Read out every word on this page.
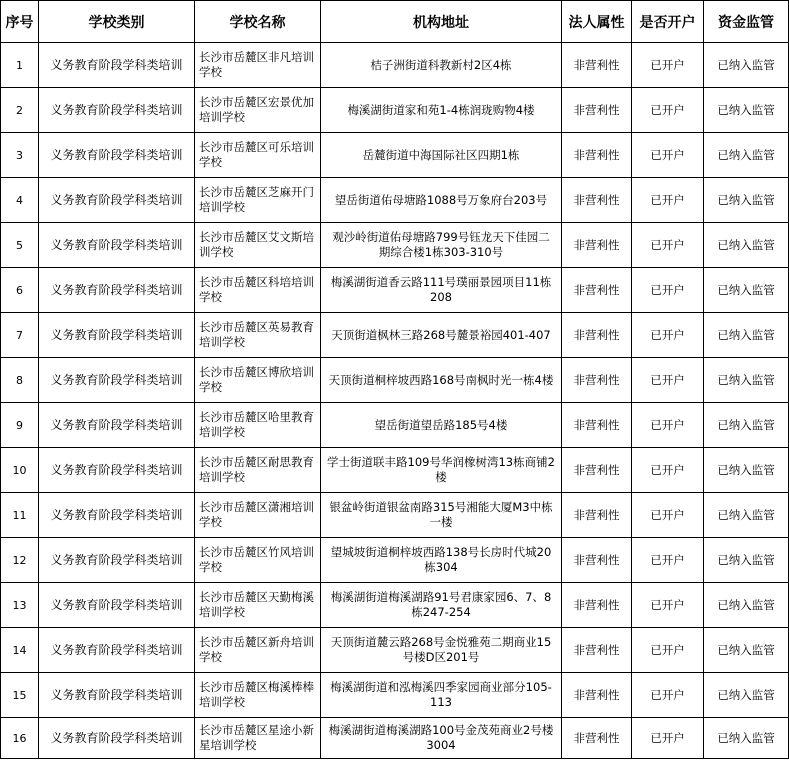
序号	学校类别	学校名称	机构地址	法人属性	是否开户	资金监管
1	义务教育阶段学科类培训	长沙市岳麓区非凡培训学校	桔子洲街道科教新村2区4栋	非营利性	已开户	已纳入监管
2	义务教育阶段学科类培训	长沙市岳麓区宏景优加培训学校	梅溪湖街道家和苑1-4栋润珑购物4楼	非营利性	已开户	已纳入监管
3	义务教育阶段学科类培训	长沙市岳麓区可乐培训学校	岳麓街道中海国际社区四期1栋	非营利性	已开户	已纳入监管
4	义务教育阶段学科类培训	长沙市岳麓区芝麻开门培训学校	望岳街道佑母塘路1088号万象府台203号	非营利性	已开户	已纳入监管
5	义务教育阶段学科类培训	长沙市岳麓区艾文斯培训学校	观沙岭街道佑母塘路799号钰龙天下佳园二期综合楼1栋303-310号	非营利性	已开户	已纳入监管
6	义务教育阶段学科类培训	长沙市岳麓区科培培训学校	梅溪湖街道香云路111号璞丽景园项目11栋208	非营利性	已开户	已纳入监管
7	义务教育阶段学科类培训	长沙市岳麓区英易教育培训学校	天顶街道枫林三路268号麓景裕园401-407	非营利性	已开户	已纳入监管
8	义务教育阶段学科类培训	长沙市岳麓区博欣培训学校	天顶街道桐梓坡西路168号南枫时光一栋4楼	非营利性	已开户	已纳入监管
9	义务教育阶段学科类培训	长沙市岳麓区哈里教育培训学校	望岳街道望岳路185号4楼	非营利性	已开户	已纳入监管
10	义务教育阶段学科类培训	长沙市岳麓区耐思教育培训学校	学士街道联丰路109号华润橡树湾13栋商铺2楼	非营利性	已开户	已纳入监管
11	义务教育阶段学科类培训	长沙市岳麓区潇湘培训学校	银盆岭街道银盆南路315号湘能大厦M3中栋一楼	非营利性	已开户	已纳入监管
12	义务教育阶段学科类培训	长沙市岳麓区竹风培训学校	望城坡街道桐梓坡西路138号长房时代城20栋304	非营利性	已开户	已纳入监管
13	义务教育阶段学科类培训	长沙市岳麓区天勤梅溪培训学校	梅溪湖街道梅溪湖路91号君康家园6、7、8栋247-254	非营利性	已开户	已纳入监管
14	义务教育阶段学科类培训	长沙市岳麓区新舟培训学校	天顶街道麓云路268号金悦雅苑二期商业15号楼D区201号	非营利性	已开户	已纳入监管
15	义务教育阶段学科类培训	长沙市岳麓区梅溪棒棒培训学校	梅溪湖街道和泓梅溪四季家园商业部分105-113	非营利性	已开户	已纳入监管
16	义务教育阶段学科类培训	长沙市岳麓区星途小新星培训学校	梅溪湖街道梅溪湖路100号金茂苑商业2号楼3004	非营利性	已开户	已纳入监管
